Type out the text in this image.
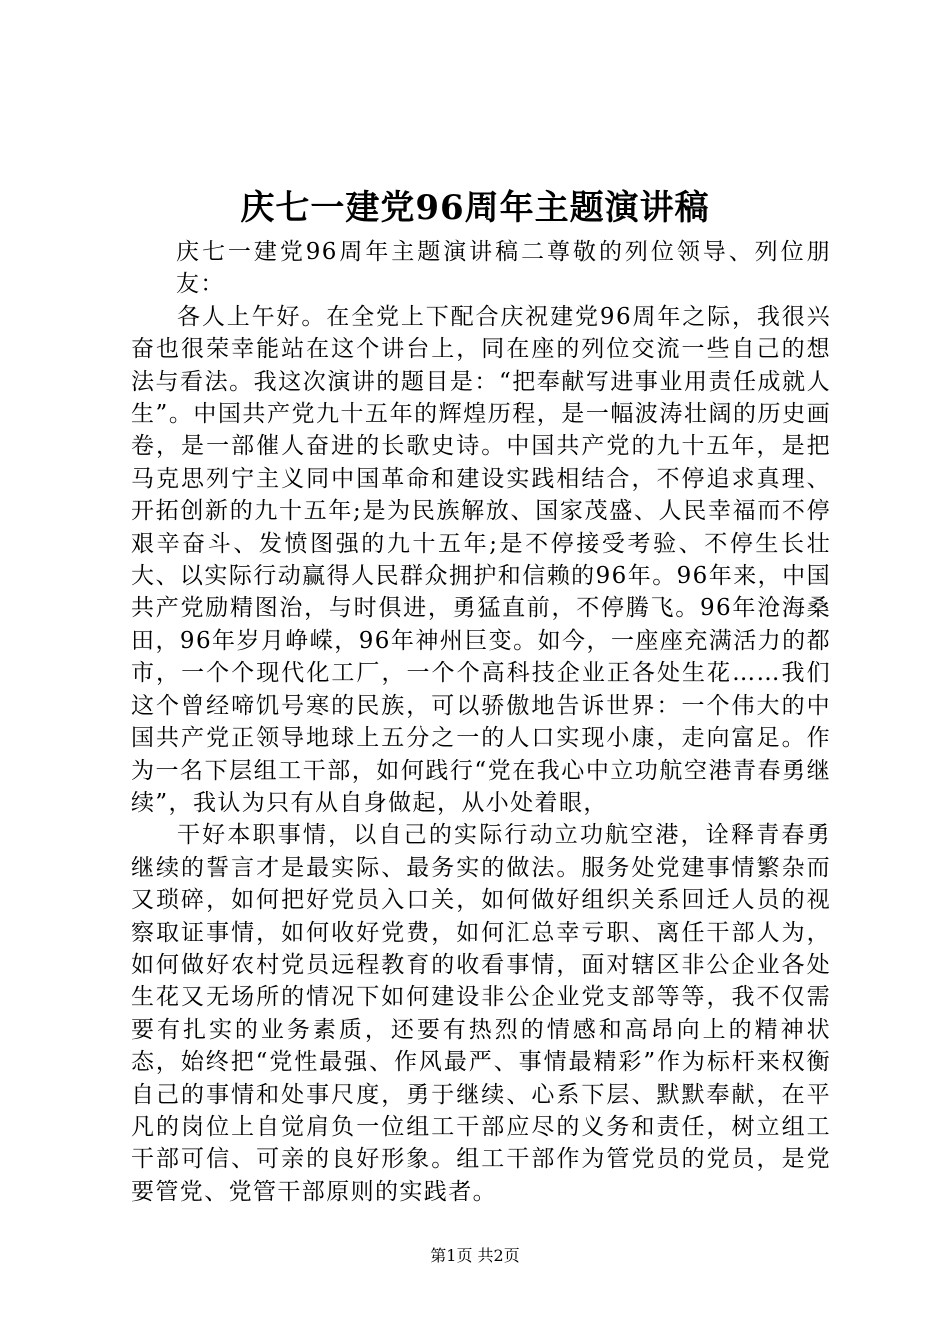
庆七一建党96周年主题演讲稿

庆七一建党96周年主题演讲稿二尊敬的列位领导、列位朋友：

各人上午好。在全党上下配合庆祝建党96周年之际，我很兴奋也很荣幸能站在这个讲台上，同在座的列位交流一些自己的想法与看法。我这次演讲的题目是：“把奉献写进事业用责任成就人生”。中国共产党九十五年的辉煌历程，是一幅波涛壮阔的历史画卷，是一部催人奋进的长歌史诗。中国共产党的九十五年，是把马克思列宁主义同中国革命和建设实践相结合，不停追求真理、开拓创新的九十五年;是为民族解放、国家茂盛、人民幸福而不停艰辛奋斗、发愤图强的九十五年;是不停接受考验、不停生长壮大、以实际行动赢得人民群众拥护和信赖的96年。96年来，中国共产党励精图治，与时俱进，勇猛直前，不停腾飞。96年沧海桑田，96年岁月峥嵘，96年神州巨变。如今，一座座充满活力的都市，一个个现代化工厂，一个个高科技企业正各处生花……我们这个曾经啼饥号寒的民族，可以骄傲地告诉世界：一个伟大的中国共产党正领导地球上五分之一的人口实现小康，走向富足。作为一名下层组工干部，如何践行“党在我心中立功航空港青春勇继续”，我认为只有从自身做起，从小处着眼，

干好本职事情，以自己的实际行动立功航空港，诠释青春勇继续的誓言才是最实际、最务实的做法。服务处党建事情繁杂而又琐碎，如何把好党员入口关，如何做好组织关系回迁人员的视察取证事情，如何收好党费，如何汇总幸亏职、离任干部人为，如何做好农村党员远程教育的收看事情，面对辖区非公企业各处生花又无场所的情况下如何建设非公企业党支部等等，我不仅需要有扎实的业务素质，还要有热烈的情感和高昂向上的精神状态，始终把“党性最强、作风最严、事情最精彩”作为标杆来权衡自己的事情和处事尺度，勇于继续、心系下层、默默奉献，在平凡的岗位上自觉肩负一位组工干部应尽的义务和责任，树立组工干部可信、可亲的良好形象。组工干部作为管党员的党员，是党要管党、党管干部原则的实践者。

第1页 共2页
